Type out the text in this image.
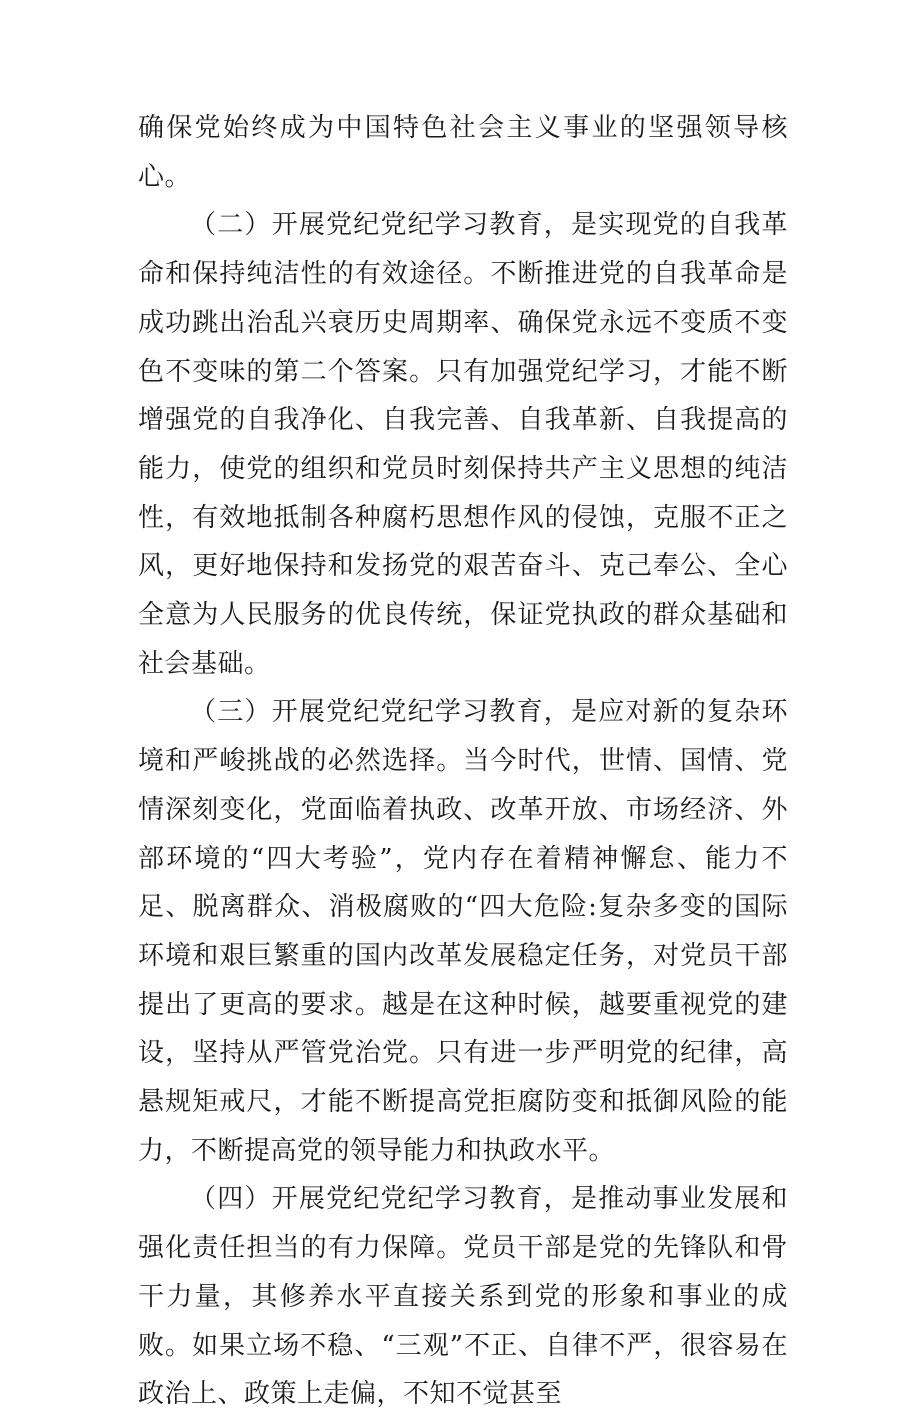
确保党始终成为中国特色社会主义事业的坚强领导核心。

（二）开展党纪党纪学习教育，是实现党的自我革命和保持纯洁性的有效途径。不断推进党的自我革命是成功跳出治乱兴衰历史周期率、确保党永远不变质不变色不变味的第二个答案。只有加强党纪学习，才能不断增强党的自我净化、自我完善、自我革新、自我提高的能力，使党的组织和党员时刻保持共产主义思想的纯洁性，有效地抵制各种腐朽思想作风的侵蚀，克服不正之风，更好地保持和发扬党的艰苦奋斗、克己奉公、全心全意为人民服务的优良传统，保证党执政的群众基础和社会基础。

（三）开展党纪党纪学习教育，是应对新的复杂环境和严峻挑战的必然选择。当今时代，世情、国情、党情深刻变化，党面临着执政、改革开放、市场经济、外部环境的“四大考验”，党内存在着精神懈怠、能力不足、脱离群众、消极腐败的“四大危险:复杂多变的国际环境和艰巨繁重的国内改革发展稳定任务，对党员干部提出了更高的要求。越是在这种时候，越要重视党的建设，坚持从严管党治党。只有进一步严明党的纪律，高悬规矩戒尺，才能不断提高党拒腐防变和抵御风险的能力，不断提高党的领导能力和执政水平。

（四）开展党纪党纪学习教育，是推动事业发展和强化责任担当的有力保障。党员干部是党的先锋队和骨干力量，其修养水平直接关系到党的形象和事业的成败。如果立场不稳、“三观”不正、自律不严，很容易在政治上、政策上走偏，不知不觉甚至
